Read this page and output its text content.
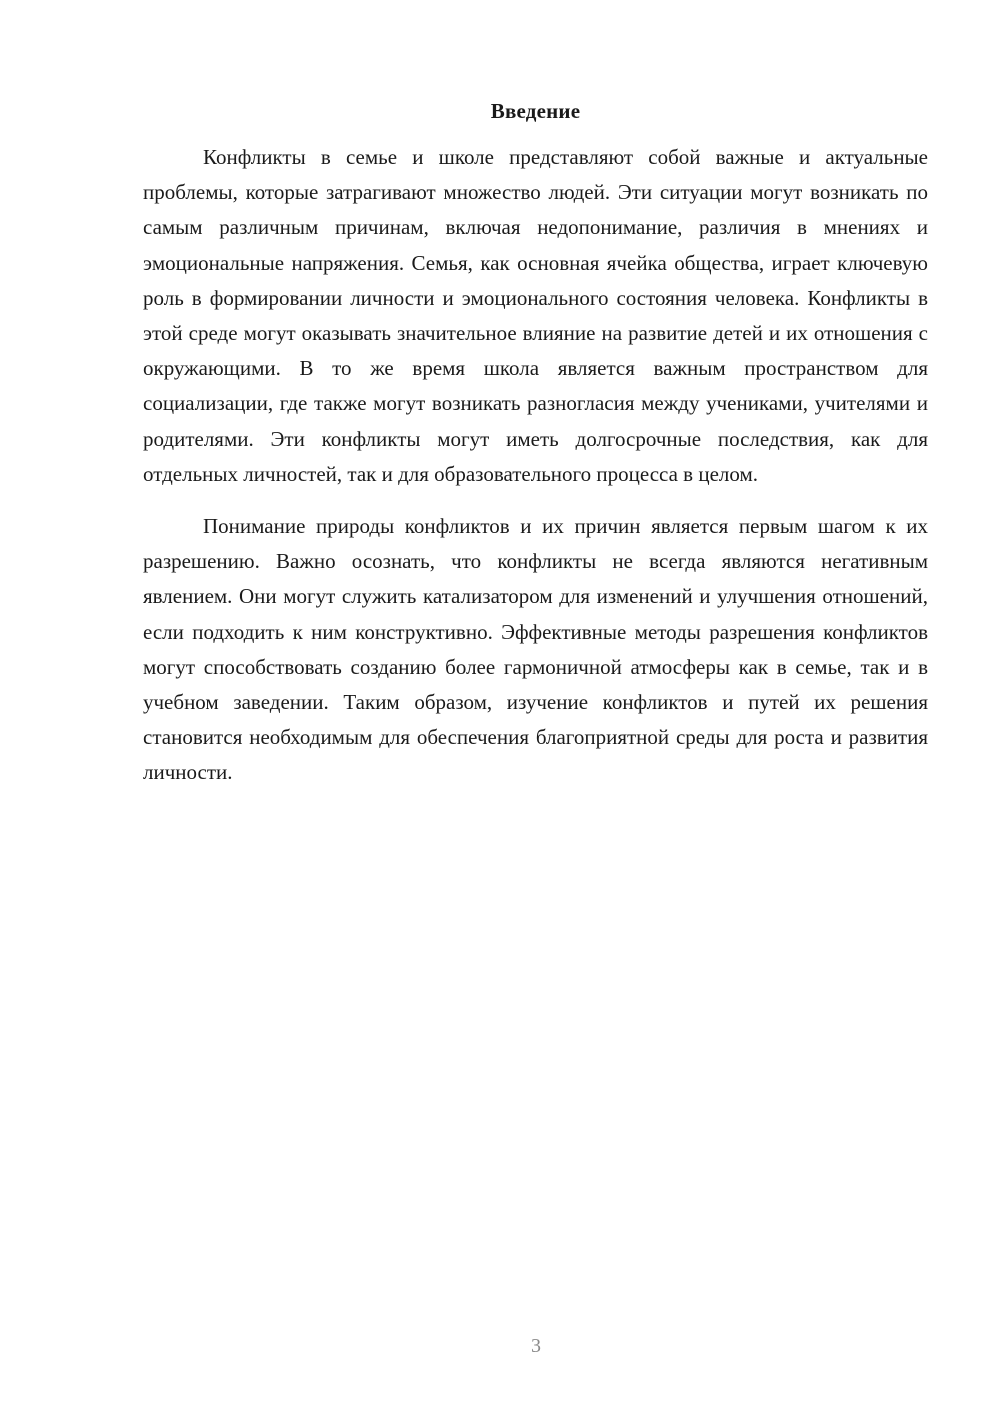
Введение

Конфликты в семье и школе представляют собой важные и актуальные проблемы, которые затрагивают множество людей. Эти ситуации могут возникать по самым различным причинам, включая недопонимание, различия в мнениях и эмоциональные напряжения. Семья, как основная ячейка общества, играет ключевую роль в формировании личности и эмоционального состояния человека. Конфликты в этой среде могут оказывать значительное влияние на развитие детей и их отношения с окружающими. В то же время школа является важным пространством для социализации, где также могут возникать разногласия между учениками, учителями и родителями. Эти конфликты могут иметь долгосрочные последствия, как для отдельных личностей, так и для образовательного процесса в целом.

Понимание природы конфликтов и их причин является первым шагом к их разрешению. Важно осознать, что конфликты не всегда являются негативным явлением. Они могут служить катализатором для изменений и улучшения отношений, если подходить к ним конструктивно. Эффективные методы разрешения конфликтов могут способствовать созданию более гармоничной атмосферы как в семье, так и в учебном заведении. Таким образом, изучение конфликтов и путей их решения становится необходимым для обеспечения благоприятной среды для роста и развития личности.

3
